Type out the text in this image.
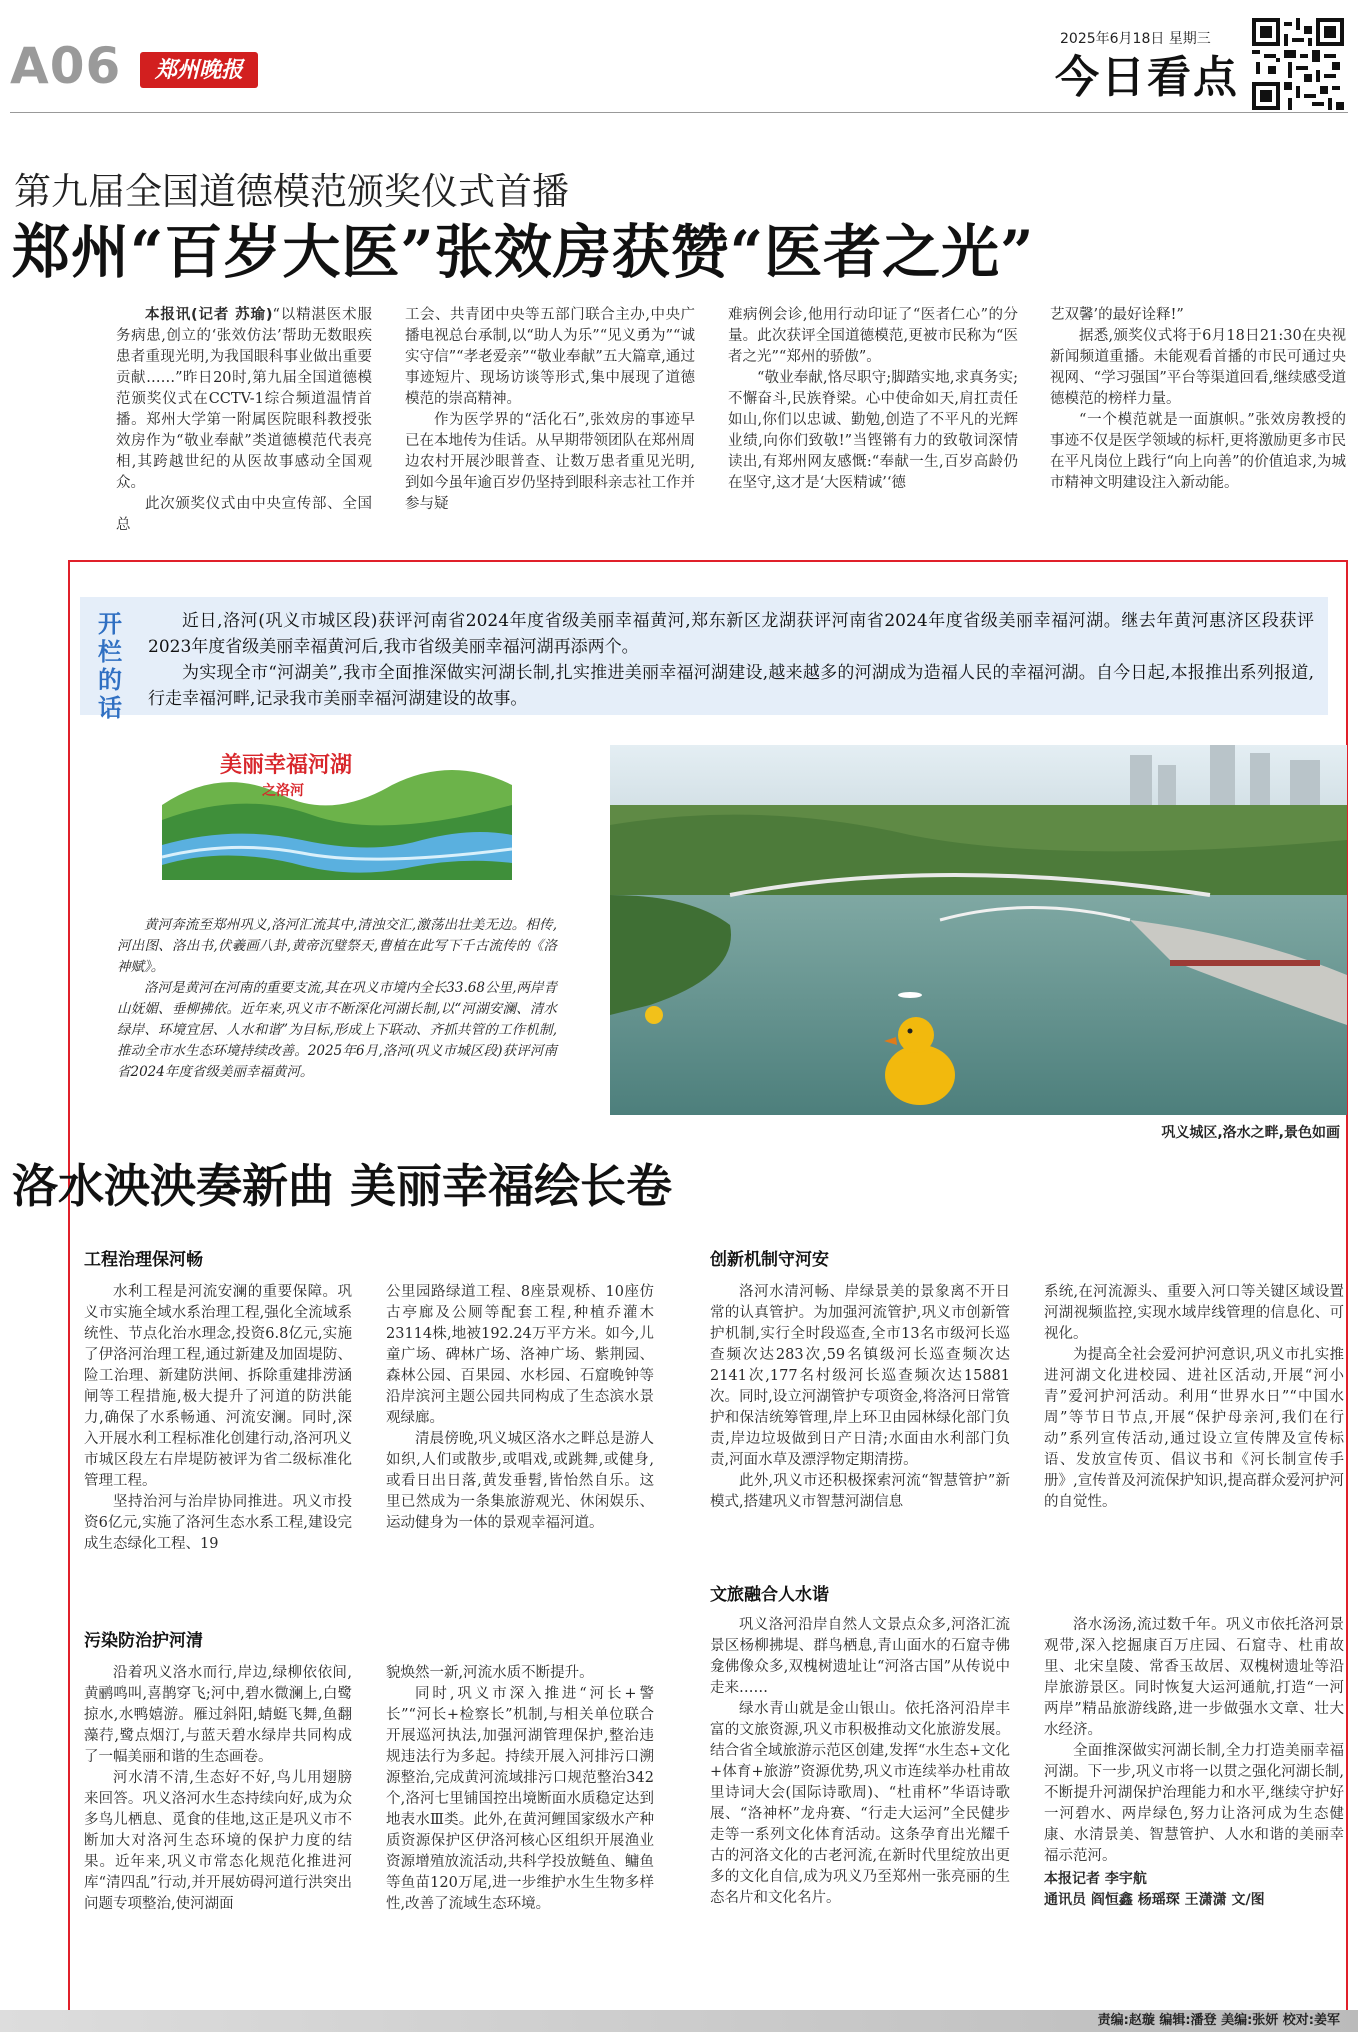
A06	郑州晚报
2025年6月18日 星期三
今日看点
第九届全国道德模范颁奖仪式首播
郑州“百岁大医”张效房获赞“医者之光”

本报讯(记者 苏瑜)“以精湛医术服务病患,创立的‘张效仿法’帮助无数眼疾患者重现光明,为我国眼科事业做出重要贡献……”昨日20时,第九届全国道德模范颁奖仪式在CCTV-1综合频道温情首播。郑州大学第一附属医院眼科教授张效房作为“敬业奉献”类道德模范代表亮相,其跨越世纪的从医故事感动全国观众。

此次颁奖仪式由中央宣传部、全国总

工会、共青团中央等五部门联合主办,中央广播电视总台承制,以“助人为乐”“见义勇为”“诚实守信”“孝老爱亲”“敬业奉献”五大篇章,通过事迹短片、现场访谈等形式,集中展现了道德模范的崇高精神。

作为医学界的“活化石”,张效房的事迹早已在本地传为佳话。从早期带领团队在郑州周边农村开展沙眼普查、让数万患者重见光明,到如今虽年逾百岁仍坚持到眼科亲志社工作并参与疑

难病例会诊,他用行动印证了“医者仁心”的分量。此次获评全国道德模范,更被市民称为“医者之光”“郑州的骄傲”。

“敬业奉献,恪尽职守;脚踏实地,求真务实;不懈奋斗,民族脊梁。心中使命如天,肩扛责任如山,你们以忠诚、勤勉,创造了不平凡的光辉业绩,向你们致敬!”当铿锵有力的致敬词深情读出,有郑州网友感慨:“奉献一生,百岁高龄仍在坚守,这才是‘大医精诚’‘德

艺双馨’的最好诠释!”

据悉,颁奖仪式将于6月18日21:30在央视新闻频道重播。未能观看首播的市民可通过央视网、“学习强国”平台等渠道回看,继续感受道德模范的榜样力量。

“一个模范就是一面旗帜。”张效房教授的事迹不仅是医学领域的标杆,更将激励更多市民在平凡岗位上践行“向上向善”的价值追求,为城市精神文明建设注入新动能。

开栏的话

近日,洛河(巩义市城区段)获评河南省2024年度省级美丽幸福黄河,郑东新区龙湖获评河南省2024年度省级美丽幸福河湖。继去年黄河惠济区段获评2023年度省级美丽幸福黄河后,我市省级美丽幸福河湖再添两个。

为实现全市“河湖美”,我市全面推深做实河湖长制,扎实推进美丽幸福河湖建设,越来越多的河湖成为造福人民的幸福河湖。自今日起,本报推出系列报道,行走幸福河畔,记录我市美丽幸福河湖建设的故事。

美丽幸福河湖
之洛河

黄河奔流至郑州巩义,洛河汇流其中,清浊交汇,激荡出壮美无边。相传,河出图、洛出书,伏羲画八卦,黄帝沉璧祭天,曹植在此写下千古流传的《洛神赋》。

洛河是黄河在河南的重要支流,其在巩义市境内全长33.68公里,两岸青山妩媚、垂柳拂依。近年来,巩义市不断深化河湖长制,以“河湖安澜、清水绿岸、环境宜居、人水和谐”为目标,形成上下联动、齐抓共管的工作机制,推动全市水生态环境持续改善。2025年6月,洛河(巩义市城区段)获评河南省2024年度省级美丽幸福黄河。

巩义城区,洛水之畔,景色如画
洛水泱泱奏新曲 美丽幸福绘长卷
工程治理保河畅
污染防治护河清
创新机制守河安
文旅融合人水谐

水利工程是河流安澜的重要保障。巩义市实施全域水系治理工程,强化全流域系统性、节点化治水理念,投资6.8亿元,实施了伊洛河治理工程,通过新建及加固堤防、险工治理、新建防洪闸、拆除重建排涝涵闸等工程措施,极大提升了河道的防洪能力,确保了水系畅通、河流安澜。同时,深入开展水利工程标准化创建行动,洛河巩义市城区段左右岸堤防被评为省二级标准化管理工程。

坚持治河与治岸协同推进。巩义市投资6亿元,实施了洛河生态水系工程,建设完成生态绿化工程、19

公里园路绿道工程、8座景观桥、10座仿古亭廊及公厕等配套工程,种植乔灌木23114株,地被192.24万平方米。如今,儿童广场、碑林广场、洛神广场、紫荆园、森林公园、百果园、水杉园、石窟晚钟等沿岸滨河主题公园共同构成了生态滨水景观绿廊。

清晨傍晚,巩义城区洛水之畔总是游人如织,人们或散步,或唱戏,或跳舞,或健身,或看日出日落,黄发垂髫,皆怡然自乐。这里已然成为一条集旅游观光、休闲娱乐、运动健身为一体的景观幸福河道。

沿着巩义洛水而行,岸边,绿柳依依间,黄鹂鸣叫,喜鹊穿飞;河中,碧水微澜上,白鹭掠水,水鸭嬉游。雁过斜阳,蜻蜓飞舞,鱼翻藻荇,鹭点烟汀,与蓝天碧水绿岸共同构成了一幅美丽和谐的生态画卷。

河水清不清,生态好不好,鸟儿用翅膀来回答。巩义洛河水生态持续向好,成为众多鸟儿栖息、觅食的佳地,这正是巩义市不断加大对洛河生态环境的保护力度的结果。近年来,巩义市常态化规范化推进河库“清四乱”行动,并开展妨碍河道行洪突出问题专项整治,使河湖面

貌焕然一新,河流水质不断提升。

同时,巩义市深入推进“河长+警长”“河长+检察长”机制,与相关单位联合开展巡河执法,加强河湖管理保护,整治违规违法行为多起。持续开展入河排污口溯源整治,完成黄河流域排污口规范整治342个,洛河七里铺国控出境断面水质稳定达到地表水Ⅲ类。此外,在黄河鲤国家级水产种质资源保护区伊洛河核心区组织开展渔业资源增殖放流活动,共科学投放鲢鱼、鳙鱼等鱼苗120万尾,进一步维护水生生物多样性,改善了流域生态环境。

洛河水清河畅、岸绿景美的景象离不开日常的认真管护。为加强河流管护,巩义市创新管护机制,实行全时段巡查,全市13名市级河长巡查频次达283次,59名镇级河长巡查频次达2141次,177名村级河长巡查频次达15881次。同时,设立河湖管护专项资金,将洛河日常管护和保洁统筹管理,岸上环卫由园林绿化部门负责,岸边垃圾做到日产日清;水面由水利部门负责,河面水草及漂浮物定期清捞。

此外,巩义市还积极探索河流“智慧管护”新模式,搭建巩义市智慧河湖信息

系统,在河流源头、重要入河口等关键区域设置河湖视频监控,实现水域岸线管理的信息化、可视化。

为提高全社会爱河护河意识,巩义市扎实推进河湖文化进校园、进社区活动,开展“河小青”爱河护河活动。利用“世界水日”“中国水周”等节日节点,开展“保护母亲河,我们在行动”系列宣传活动,通过设立宣传牌及宣传标语、发放宣传页、倡议书和《河长制宣传手册》,宣传普及河流保护知识,提高群众爱河护河的自觉性。

巩义洛河沿岸自然人文景点众多,河洛汇流景区杨柳拂堤、群鸟栖息,青山面水的石窟寺佛龛佛像众多,双槐树遗址让“河洛古国”从传说中走来……

绿水青山就是金山银山。依托洛河沿岸丰富的文旅资源,巩义市积极推动文化旅游发展。结合省全域旅游示范区创建,发挥“水生态+文化+体育+旅游”资源优势,巩义市连续举办杜甫故里诗词大会(国际诗歌周)、“杜甫杯”华语诗歌展、“洛神杯”龙舟赛、“行走大运河”全民健步走等一系列文化体育活动。这条孕育出光耀千古的河洛文化的古老河流,在新时代里绽放出更多的文化自信,成为巩义乃至郑州一张亮丽的生态名片和文化名片。

洛水汤汤,流过数千年。巩义市依托洛河景观带,深入挖掘康百万庄园、石窟寺、杜甫故里、北宋皇陵、常香玉故居、双槐树遗址等沿岸旅游景区。同时恢复大运河通航,打造“一河两岸”精品旅游线路,进一步做强水文章、壮大水经济。

全面推深做实河湖长制,全力打造美丽幸福河湖。下一步,巩义市将一以贯之强化河湖长制,不断提升河湖保护治理能力和水平,继续守护好一河碧水、两岸绿色,努力让洛河成为生态健康、水清景美、智慧管护、人水和谐的美丽幸福示范河。

本报记者 李宇航
通讯员 阎恒鑫 杨瑶琛 王潇潇 文/图
责编:赵璇 编辑:潘登 美编:张妍 校对:姜军
